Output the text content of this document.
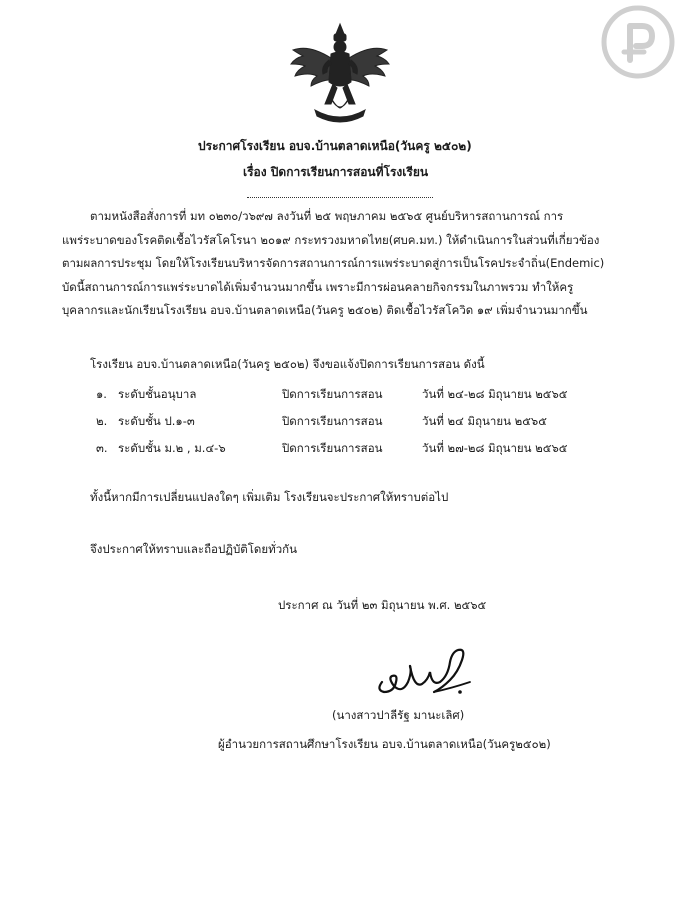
ประกาศโรงเรียน อบจ.บ้านตลาดเหนือ(วันครู ๒๕๐๒)
เรื่อง ปิดการเรียนการสอนที่โรงเรียน
ตามหนังสือสั่งการที่ มท ๐๒๓๐/ว๖๙๗ ลงวันที่ ๒๕ พฤษภาคม ๒๕๖๕ ศูนย์บริหารสถานการณ์ การ
แพร่ระบาดของโรคติดเชื้อไวรัสโคโรนา ๒๐๑๙ กระทรวงมหาดไทย(ศบค.มท.) ให้ดำเนินการในส่วนที่เกี่ยวข้อง
ตามผลการประชุม โดยให้โรงเรียนบริหารจัดการสถานการณ์การแพร่ระบาดสู่การเป็นโรคประจำถิ่น(Endemic)
บัดนี้สถานการณ์การแพร่ระบาดได้เพิ่มจำนวนมากขึ้น เพราะมีการผ่อนคลายกิจกรรมในภาพรวม ทำให้ครู
บุคลากรและนักเรียนโรงเรียน อบจ.บ้านตลาดเหนือ(วันครู ๒๕๐๒) ติดเชื้อไวรัสโควิด ๑๙ เพิ่มจำนวนมากขึ้น
โรงเรียน อบจ.บ้านตลาดเหนือ(วันครู ๒๕๐๒) จึงขอแจ้งปิดการเรียนการสอน ดังนี้
๑. ระดับชั้นอนุบาล	ปิดการเรียนการสอน	วันที่ ๒๔-๒๘ มิถุนายน ๒๕๖๕
๒. ระดับชั้น ป.๑-๓	ปิดการเรียนการสอน	วันที่ ๒๔ มิถุนายน ๒๕๖๕
๓. ระดับชั้น ม.๒ , ม.๔-๖	ปิดการเรียนการสอน	วันที่ ๒๗-๒๘ มิถุนายน ๒๕๖๕
ทั้งนี้หากมีการเปลี่ยนแปลงใดๆ เพิ่มเติม โรงเรียนจะประกาศให้ทราบต่อไป
จึงประกาศให้ทราบและถือปฏิบัติโดยทั่วกัน
ประกาศ ณ วันที่ ๒๓ มิถุนายน พ.ศ. ๒๕๖๕
(นางสาวปาลีรัฐ มานะเลิศ)
ผู้อำนวยการสถานศึกษาโรงเรียน อบจ.บ้านตลาดเหนือ(วันครู๒๕๐๒)
